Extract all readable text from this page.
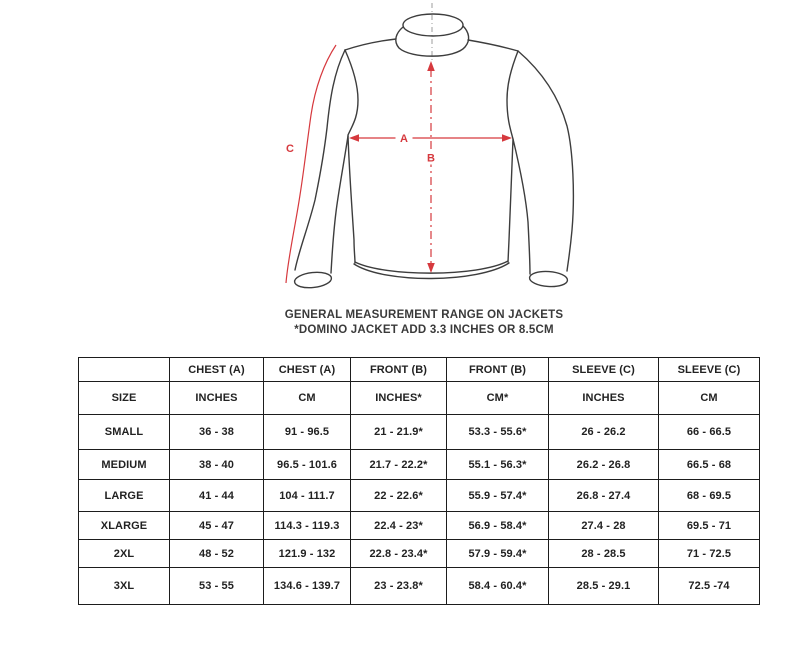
A
B
C
GENERAL MEASUREMENT RANGE ON JACKETS
*DOMINO JACKET ADD 3.3 INCHES OR 8.5CM
	CHEST (A)	CHEST (A)	FRONT (B)	FRONT (B)	SLEEVE (C)	SLEEVE (C)
SIZE	INCHES	CM	INCHES*	CM*	INCHES	CM
SMALL	36 - 38	91 - 96.5	21 - 21.9*	53.3 - 55.6*	26 - 26.2	66 - 66.5
MEDIUM	38 - 40	96.5 - 101.6	21.7 - 22.2*	55.1 - 56.3*	26.2 - 26.8	66.5 - 68
LARGE	41 - 44	104 - 111.7	22 - 22.6*	55.9 - 57.4*	26.8 - 27.4	68 - 69.5
XLARGE	45 - 47	114.3 - 119.3	22.4 - 23*	56.9 - 58.4*	27.4 - 28	69.5 - 71
2XL	48 - 52	121.9 - 132	22.8 - 23.4*	57.9 - 59.4*	28 - 28.5	71 - 72.5
3XL	53 - 55	134.6 - 139.7	23 - 23.8*	58.4 - 60.4*	28.5 - 29.1	72.5 -74
